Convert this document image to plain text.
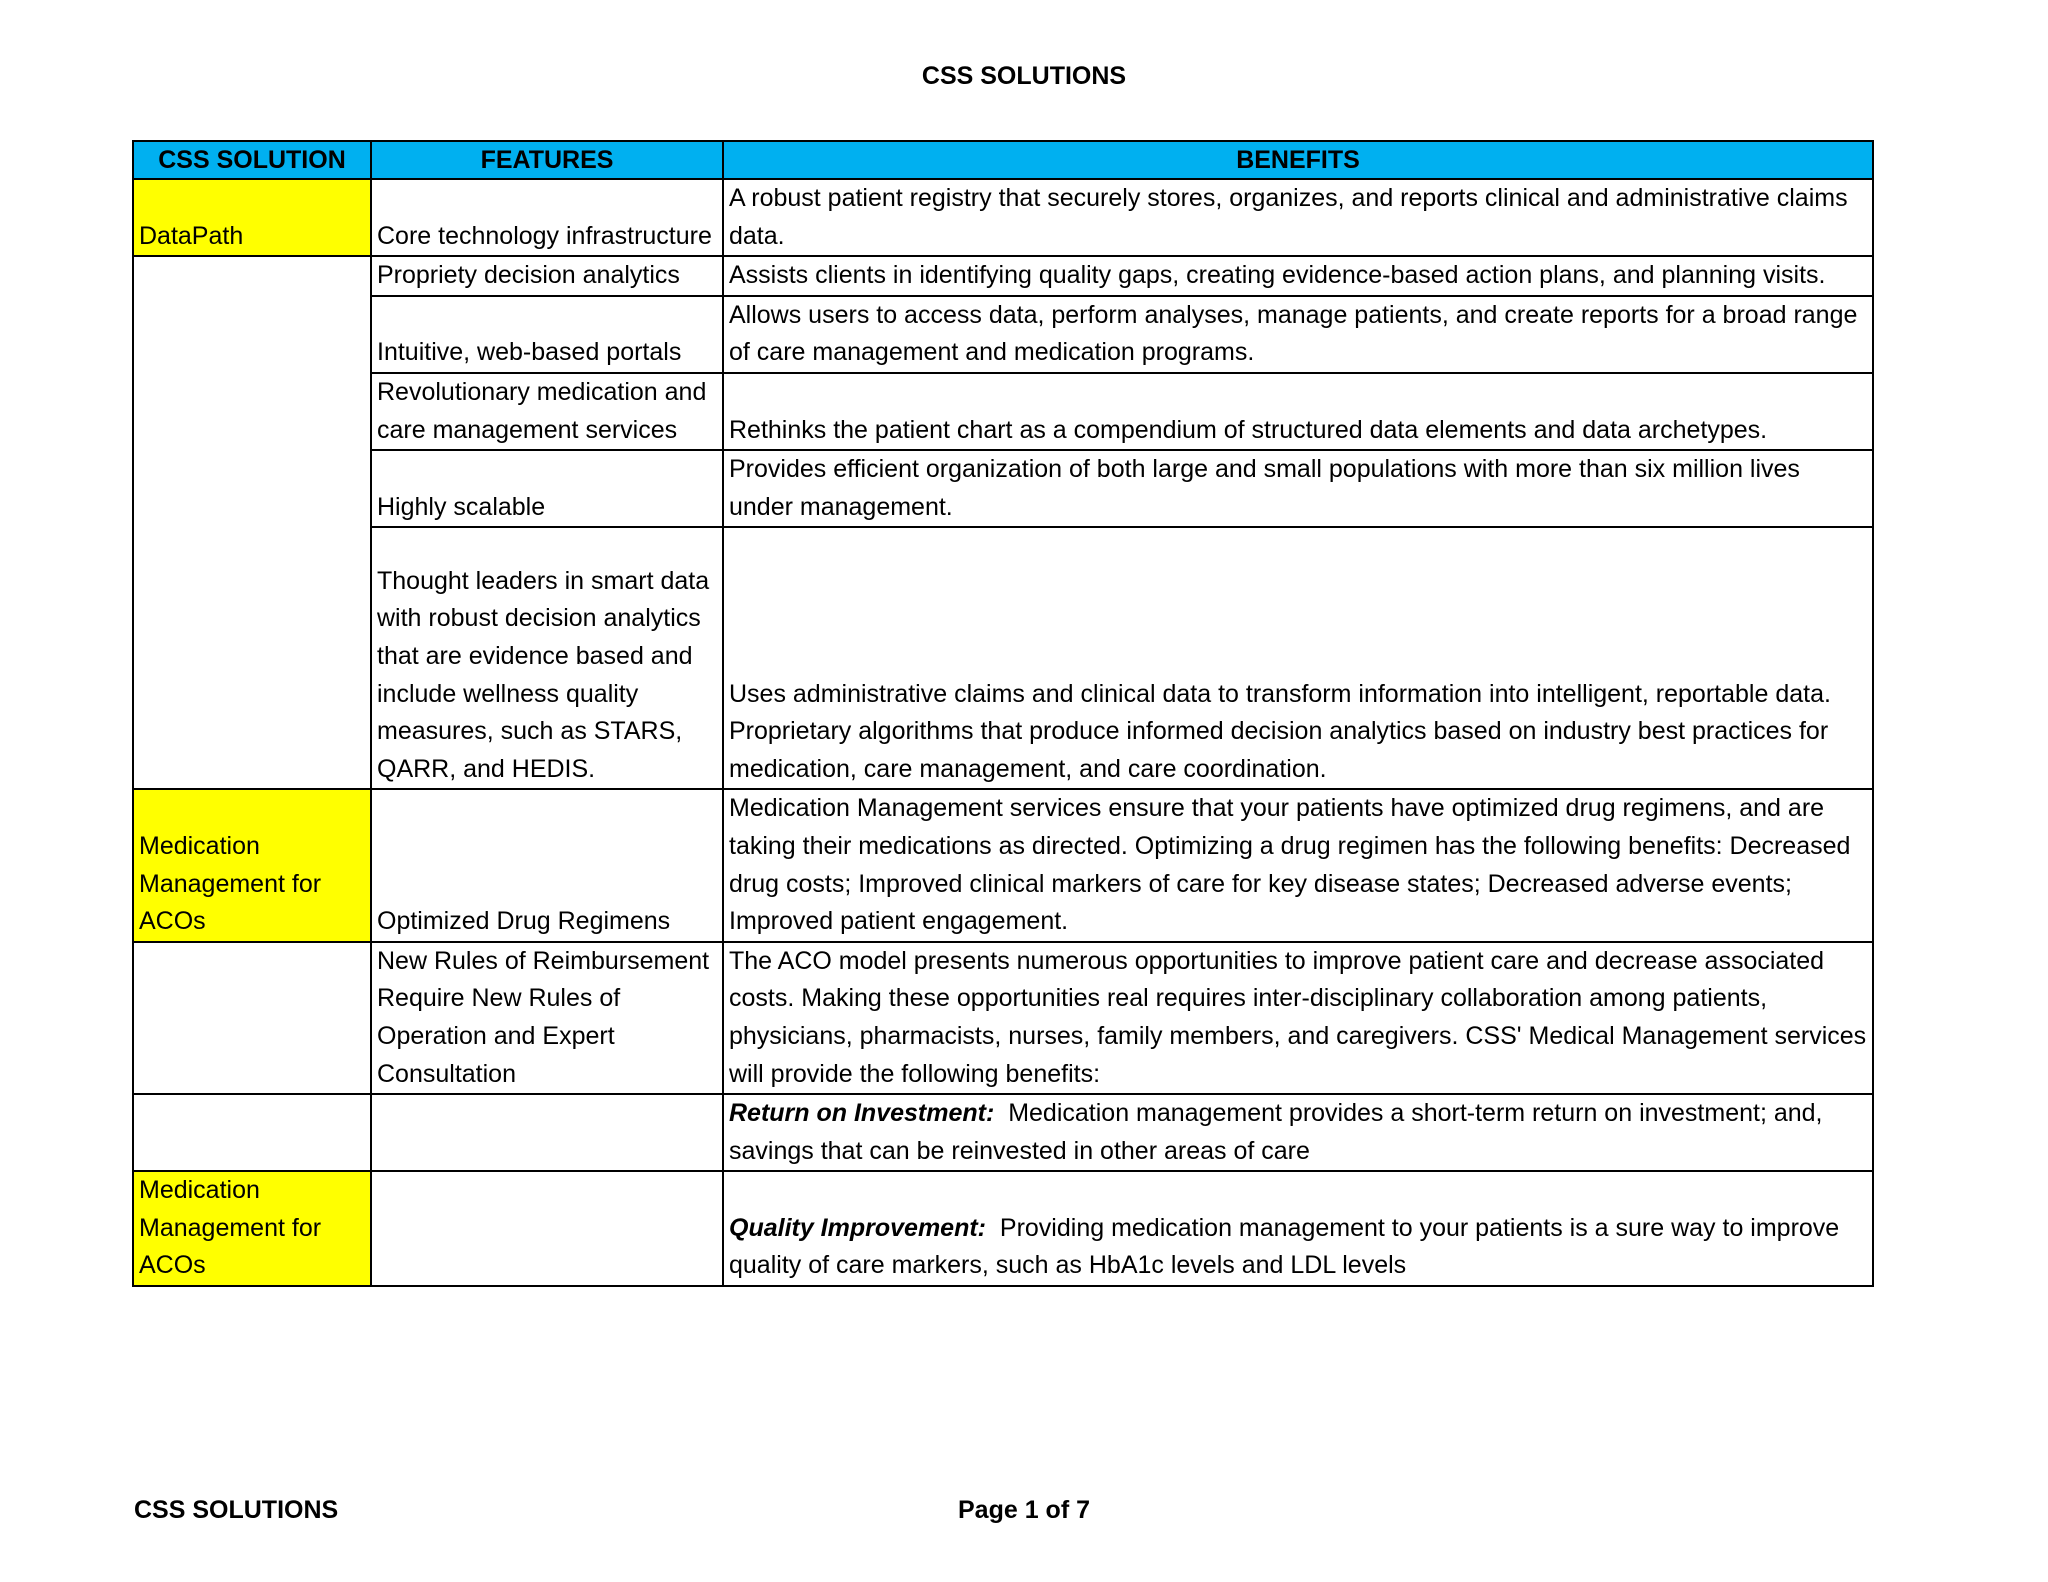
CSS SOLUTIONS
CSS SOLUTION	FEATURES	BENEFITS
DataPath	Core technology infrastructure	A robust patient registry that securely stores, organizes, and reports clinical and administrative claims data.
	Propriety decision analytics	Assists clients in identifying quality gaps, creating evidence-based action plans, and planning visits.
	Intuitive, web-based portals	Allows users to access data, perform analyses, manage patients, and create reports for a broad range of care management and medication programs.
	Revolutionary medication and care management services	Rethinks the patient chart as a compendium of structured data elements and data archetypes.
	Highly scalable	Provides efficient organization of both large and small populations with more than six million lives under management.
	Thought leaders in smart data with robust decision analytics that are evidence based and include wellness quality measures, such as STARS, QARR, and HEDIS.	Uses administrative claims and clinical data to transform information into intelligent, reportable data. Proprietary algorithms that produce informed decision analytics based on industry best practices for medication, care management, and care coordination.
Medication Management for ACOs	Optimized Drug Regimens	Medication Management services ensure that your patients have optimized drug regimens, and are taking their medications as directed. Optimizing a drug regimen has the following benefits: Decreased drug costs; Improved clinical markers of care for key disease states; Decreased adverse events; Improved patient engagement.
	New Rules of Reimbursement Require New Rules of Operation and Expert Consultation	The ACO model presents numerous opportunities to improve patient care and decrease associated costs. Making these opportunities real requires inter-disciplinary collaboration among patients, physicians, pharmacists, nurses, family members, and caregivers. CSS' Medical Management services will provide the following benefits:
		Return on Investment: Medication management provides a short-term return on investment; and, savings that can be reinvested in other areas of care
Medication Management for ACOs		Quality Improvement: Providing medication management to your patients is a sure way to improve quality of care markers, such as HbA1c levels and LDL levels
CSS SOLUTIONS	Page 1 of 7
